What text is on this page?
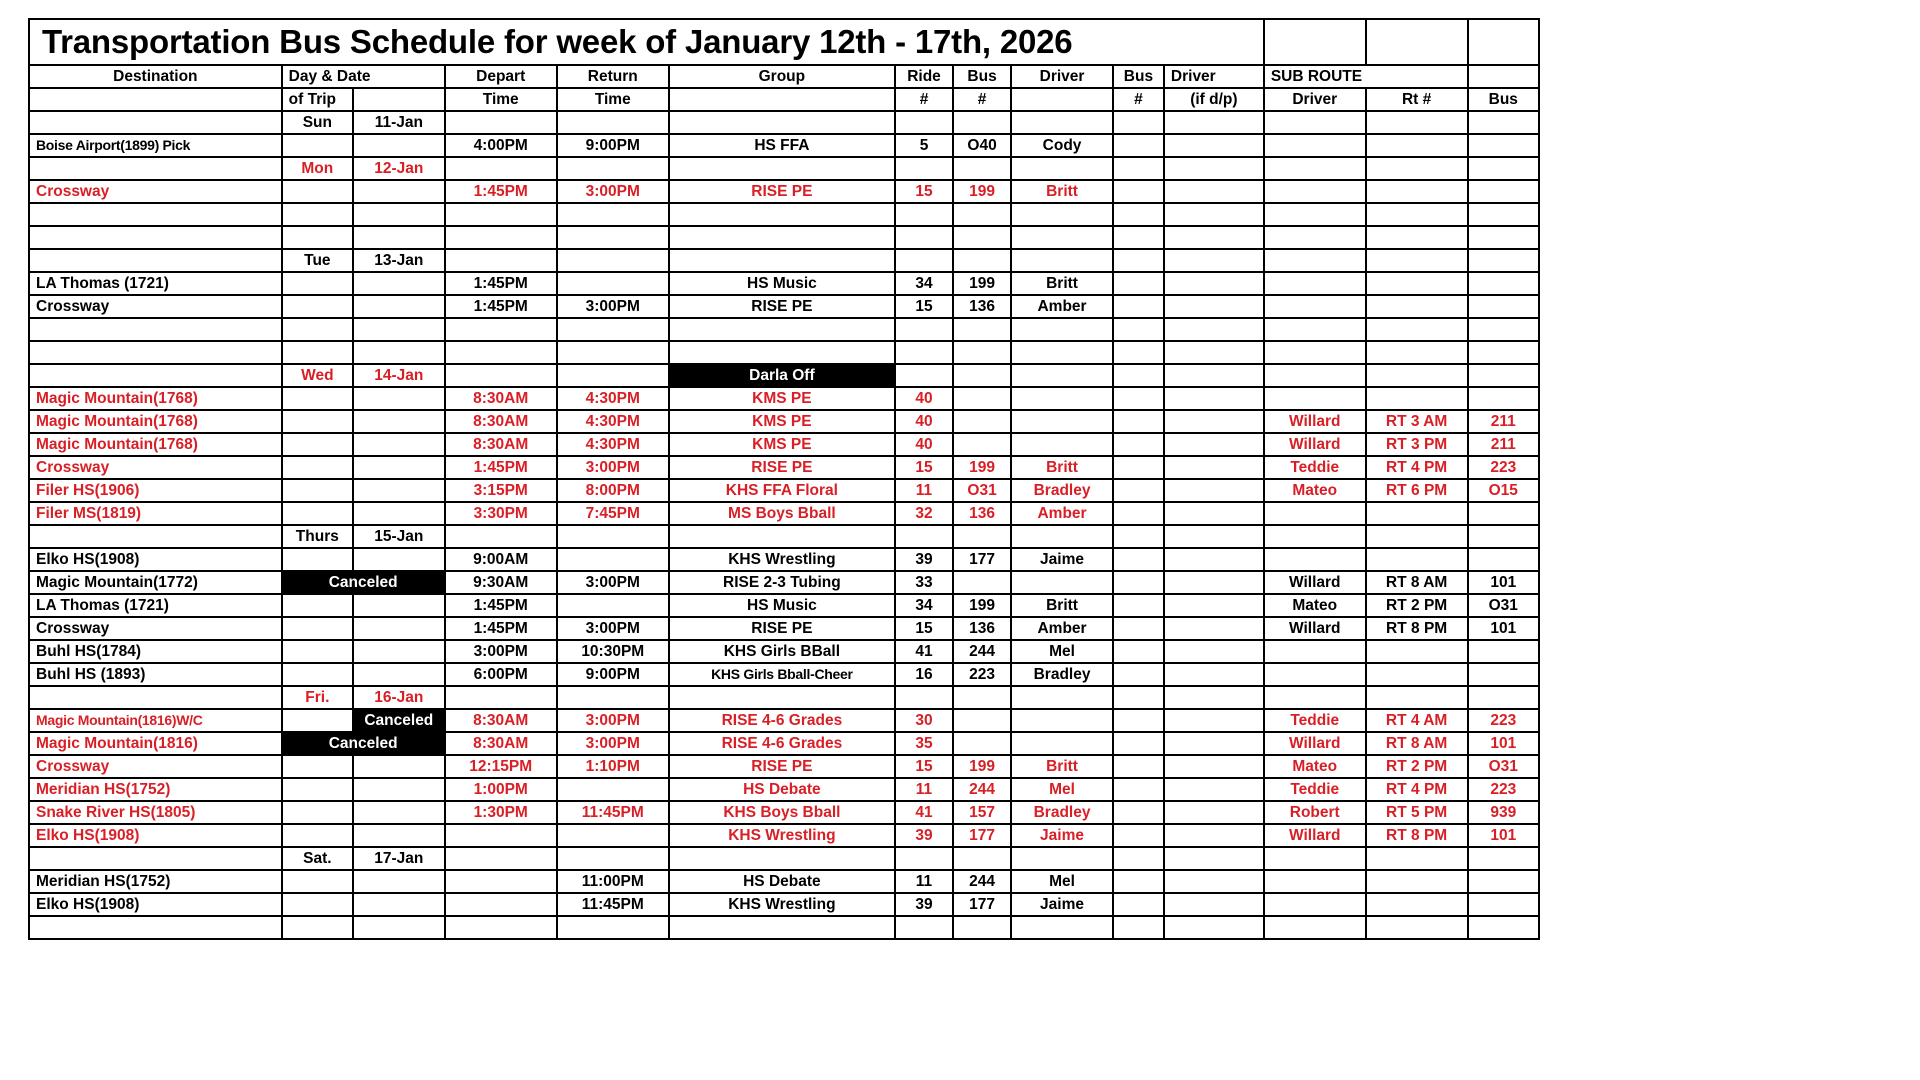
Transportation Bus Schedule for week of January 12th - 17th, 2026													
Destination	Day & Date		Depart	Return	Group	Ride	Bus	Driver	Bus	Driver	SUB ROUTE		
	of Trip		Time	Time		#	#		#	(if d/p)	Driver	Rt #	Bus
	Sun	11-Jan											
Boise Airport(1899) Pick			4:00PM	9:00PM	HS FFA	5	O40	Cody					
	Mon	12-Jan											
Crossway			1:45PM	3:00PM	RISE PE	15	199	Britt					

	Tue	13-Jan											
LA Thomas (1721)			1:45PM		HS Music	34	199	Britt					
Crossway			1:45PM	3:00PM	RISE PE	15	136	Amber					

	Wed	14-Jan			Darla Off								
Magic Mountain(1768)			8:30AM	4:30PM	KMS PE	40							
Magic Mountain(1768)			8:30AM	4:30PM	KMS PE	40					Willard	RT 3 AM	211
Magic Mountain(1768)			8:30AM	4:30PM	KMS PE	40					Willard	RT 3 PM	211
Crossway			1:45PM	3:00PM	RISE PE	15	199	Britt			Teddie	RT 4 PM	223
Filer HS(1906)			3:15PM	8:00PM	KHS FFA Floral	11	O31	Bradley			Mateo	RT 6 PM	O15
Filer MS(1819)			3:30PM	7:45PM	MS Boys Bball	32	136	Amber					
	Thurs	15-Jan											
Elko HS(1908)			9:00AM		KHS Wrestling	39	177	Jaime					
Magic Mountain(1772)	Canceled		9:30AM	3:00PM	RISE 2-3 Tubing	33					Willard	RT 8 AM	101
LA Thomas (1721)			1:45PM		HS Music	34	199	Britt			Mateo	RT 2 PM	O31
Crossway			1:45PM	3:00PM	RISE PE	15	136	Amber			Willard	RT 8 PM	101
Buhl HS(1784)			3:00PM	10:30PM	KHS Girls BBall	41	244	Mel					
Buhl HS (1893)			6:00PM	9:00PM	KHS Girls Bball-Cheer	16	223	Bradley					
	Fri.	16-Jan											
Magic Mountain(1816)W/C		Canceled	8:30AM	3:00PM	RISE 4-6 Grades	30					Teddie	RT 4 AM	223
Magic Mountain(1816)	Canceled		8:30AM	3:00PM	RISE 4-6 Grades	35					Willard	RT 8 AM	101
Crossway			12:15PM	1:10PM	RISE PE	15	199	Britt			Mateo	RT 2 PM	O31
Meridian HS(1752)			1:00PM		HS Debate	11	244	Mel			Teddie	RT 4 PM	223
Snake River HS(1805)			1:30PM	11:45PM	KHS Boys Bball	41	157	Bradley			Robert	RT 5 PM	939
Elko HS(1908)					KHS Wrestling	39	177	Jaime			Willard	RT 8 PM	101
	Sat.	17-Jan											
Meridian HS(1752)				11:00PM	HS Debate	11	244	Mel					
Elko HS(1908)				11:45PM	KHS Wrestling	39	177	Jaime					
